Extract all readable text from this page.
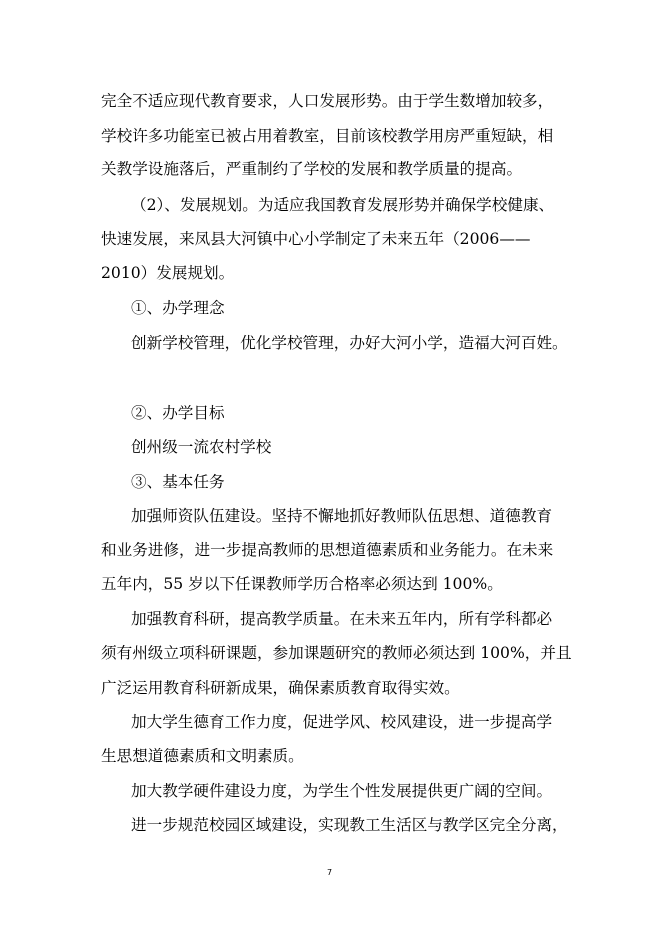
完全不适应现代教育要求，人口发展形势。由于学生数增加较多，
学校许多功能室已被占用着教室，目前该校教学用房严重短缺，相
关教学设施落后，严重制约了学校的发展和教学质量的提高。
（2）、发展规划。为适应我国教育发展形势并确保学校健康、
快速发展，来凤县大河镇中心小学制定了未来五年（2006——
2010）发展规划。
①、办学理念
创新学校管理，优化学校管理，办好大河小学，造福大河百姓。
②、办学目标
创州级一流农村学校
③、基本任务
加强师资队伍建设。坚持不懈地抓好教师队伍思想、道德教育
和业务进修，进一步提高教师的思想道德素质和业务能力。在未来
五年内，55 岁以下任课教师学历合格率必须达到 100%。
加强教育科研，提高教学质量。在未来五年内，所有学科都必
须有州级立项科研课题，参加课题研究的教师必须达到 100%，并且
广泛运用教育科研新成果，确保素质教育取得实效。
加大学生德育工作力度，促进学风、校风建设，进一步提高学
生思想道德素质和文明素质。
加大教学硬件建设力度，为学生个性发展提供更广阔的空间。
进一步规范校园区域建设，实现教工生活区与教学区完全分离，
7
